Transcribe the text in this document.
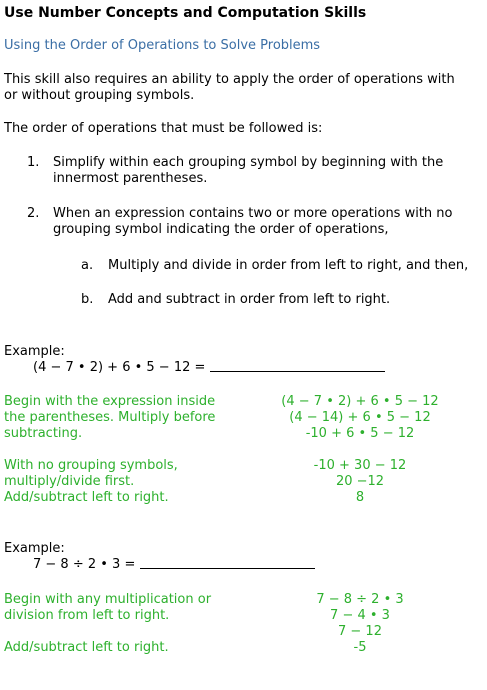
Use Number Concepts and Computation Skills
Using the Order of Operations to Solve Problems
This skill also requires an ability to apply the order of operations with
or without grouping symbols.
The order of operations that must be followed is:
1. Simplify within each grouping symbol by beginning with the
innermost parentheses.
2. When an expression contains two or more operations with no
grouping symbol indicating the order of operations,
a. Multiply and divide in order from left to right, and then,
b. Add and subtract in order from left to right.
Example:
(4 − 7 • 2) + 6 • 5 − 12 =
Begin with the expression inside
the parentheses. Multiply before
subtracting.
(4 − 7 • 2) + 6 • 5 − 12
(4 − 14) + 6 • 5 − 12
-10 + 6 • 5 − 12
With no grouping symbols,
multiply/divide first.
Add/subtract left to right.
-10 + 30 − 12
20 −12
8
Example:
7 − 8 ÷ 2 • 3 =
Begin with any multiplication or
division from left to right.
Add/subtract left to right.
7 − 8 ÷ 2 • 3
7 − 4 • 3
7 − 12
-5
